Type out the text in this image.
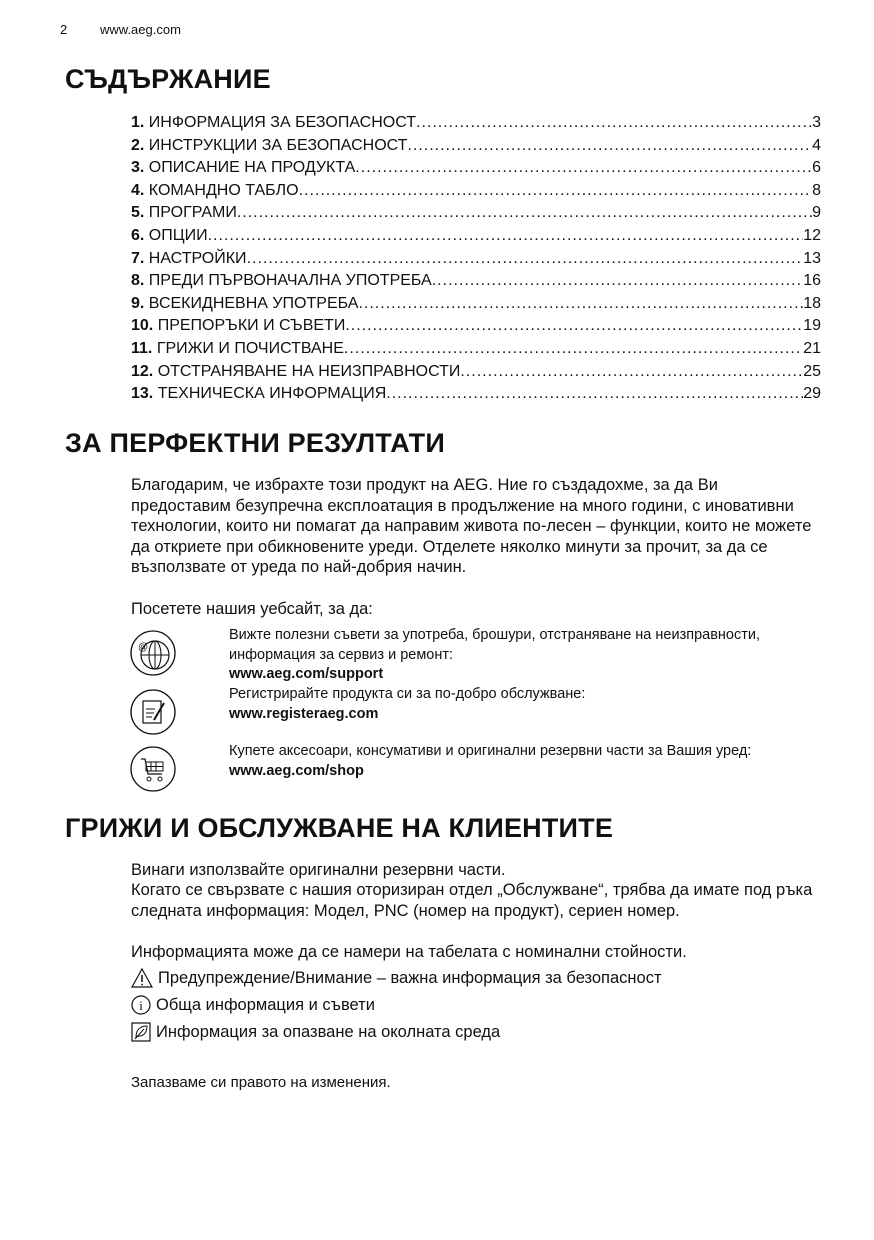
2	www.aeg.com
СЪДЪРЖАНИЕ
1.
ИНФОРМАЦИЯ ЗА БЕЗОПАСНОСТ .....	3
2.
ИНСТРУКЦИИ ЗА БЕЗОПАСНОСТ .....	4
3.
ОПИСАНИЕ НА ПРОДУКТА .....	6
4.
КОМАНДНО ТАБЛО .....	8
5.
ПРОГРАМИ .....	9
6.
ОПЦИИ .....	12
7.
НАСТРОЙКИ .....	13
8.
ПРЕДИ ПЪРВОНАЧАЛНА УПОТРЕБА .....	16
9.
ВСЕКИДНЕВНА УПОТРЕБА .....	18
10.
ПРЕПОРЪКИ И СЪВЕТИ .....	19
11.
ГРИЖИ И ПОЧИСТВАНЕ .....	21
12.
ОТСТРАНЯВАНЕ НА НЕИЗПРАВНОСТИ .....	25
13.
ТЕХНИЧЕСКА ИНФОРМАЦИЯ .....	29
ЗА ПЕРФЕКТНИ РЕЗУЛТАТИ
Благодарим, че избрахте този продукт на AEG. Ние го създадохме, за да Ви предоставим безупречна експлоатация в продължение на много години, с иновативни технологии, които ни помагат да направим живота по-лесен – функции, които не можете да откриете при обикновените уреди. Отделете няколко минути за прочит, за да се възползвате от уреда по най-добрия начин.
Посетете нашия уебсайт, за да:
@
Вижте полезни съвети за употреба, брошури, отстраняване на неизправности, информация за сервиз и ремонт:
www.aeg.com/support
Регистрирайте продукта си за по-добро обслужване:
www.registeraeg.com
Купете аксесоари, консумативи и оригинални резервни части за Вашия уред:
www.aeg.com/shop
ГРИЖИ И ОБСЛУЖВАНЕ НА КЛИЕНТИТЕ
Винаги използвайте оригинални резервни части.
Когато се свързвате с нашия оторизиран отдел „Обслужване“, трябва да имате под ръка следната информация: Модел, PNC (номер на продукт), сериен номер.
Информацията може да се намери на табелата с номинални стойности.
Предупреждение/Внимание – важна информация за безопасност
i Обща информация и съвети
Информация за опазване на околната среда
Запазваме си правото на изменения.
